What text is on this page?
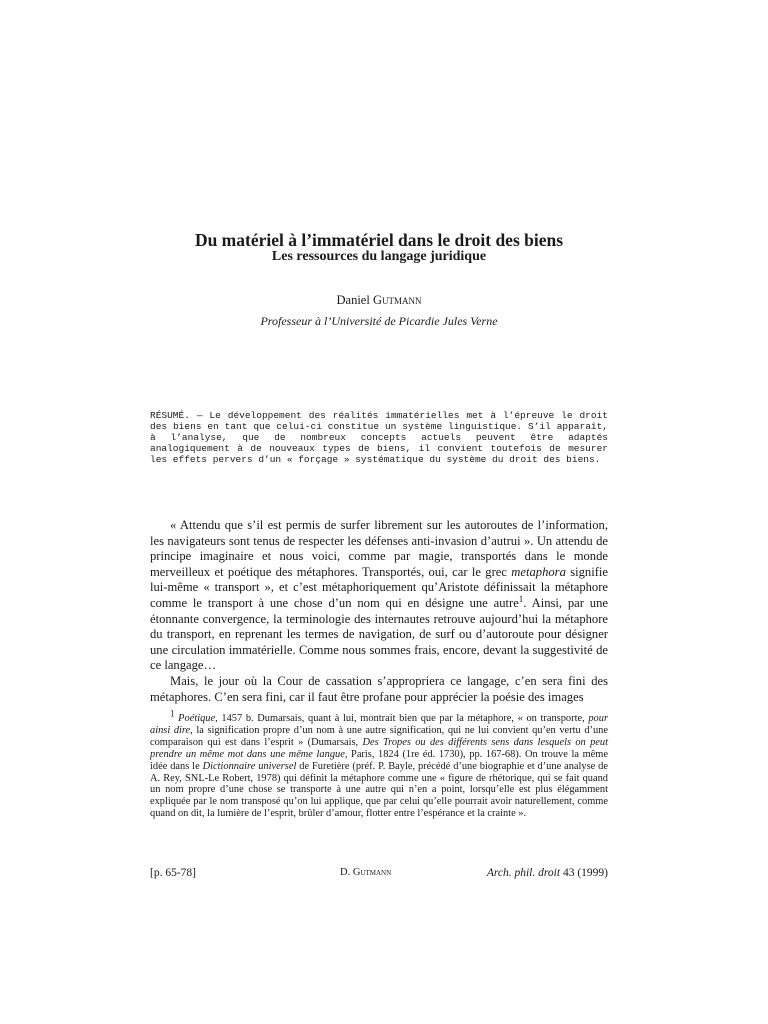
Du matériel à l’immatériel dans le droit des biens
Les ressources du langage juridique
Daniel Gutmann
Professeur à l’Université de Picardie Jules Verne
RÉSUMÉ. — Le développement des réalités immatérielles met à l’épreuve le droit des biens en tant que celui-ci constitue un système linguistique. S’il apparaît, à l’analyse, que de nombreux concepts actuels peuvent être adaptés analogiquement à de nouveaux types de biens, il convient toutefois de mesurer les effets pervers d’un « forçage » systématique du système du droit des biens.

« Attendu que s’il est permis de surfer librement sur les autoroutes de l’information, les navigateurs sont tenus de respecter les défenses anti-invasion d’autrui ». Un attendu de principe imaginaire et nous voici, comme par magie, transportés dans le monde merveilleux et poétique des métaphores. Transportés, oui, car le grec metaphora signifie lui-même « transport », et c’est métaphoriquement qu’Aristote définissait la métaphore comme le transport à une chose d’un nom qui en désigne une autre$^1$. Ainsi, par une étonnante convergence, la terminologie des internautes retrouve aujourd’hui la métaphore du transport, en reprenant les termes de navigation, de surf ou d’autoroute pour désigner une circulation immatérielle. Comme nous sommes frais, encore, devant la suggestivité de ce langage…

Mais, le jour où la Cour de cassation s’appropriera ce langage, c’en sera fini des métaphores. C’en sera fini, car il faut être profane pour apprécier la poésie des images

1 Poétique, 1457 b. Dumarsais, quant à lui, montrait bien que par la métaphore, « on transporte, pour ainsi dire, la signification propre d’un nom à une autre signification, qui ne lui convient qu’en vertu d’une comparaison qui est dans l’esprit » (Dumarsais, Des Tropes ou des différents sens dans lesquels on peut prendre un même mot dans une même langue, Paris, 1824 (1re éd. 1730), pp. 167-68). On trouve la même idée dans le Dictionnaire universel de Furetière (préf. P. Bayle, précédé d’une biographie et d’une analyse de A. Rey, SNL-Le Robert, 1978) qui définit la métaphore comme une « figure de rhétorique, qui se fait quand un nom propre d’une chose se transporte à une autre qui n’en a point, lorsqu’elle est plus élégamment expliquée par le nom transposé qu’on lui applique, que par celui qu’elle pourrait avoir naturellement, comme quand on dit, la lumière de l’esprit, brûler d’amour, flotter entre l’espérance et la crainte ».

[p. 65-78]	D. Gutmann	Arch. phil. droit 43 (1999)
